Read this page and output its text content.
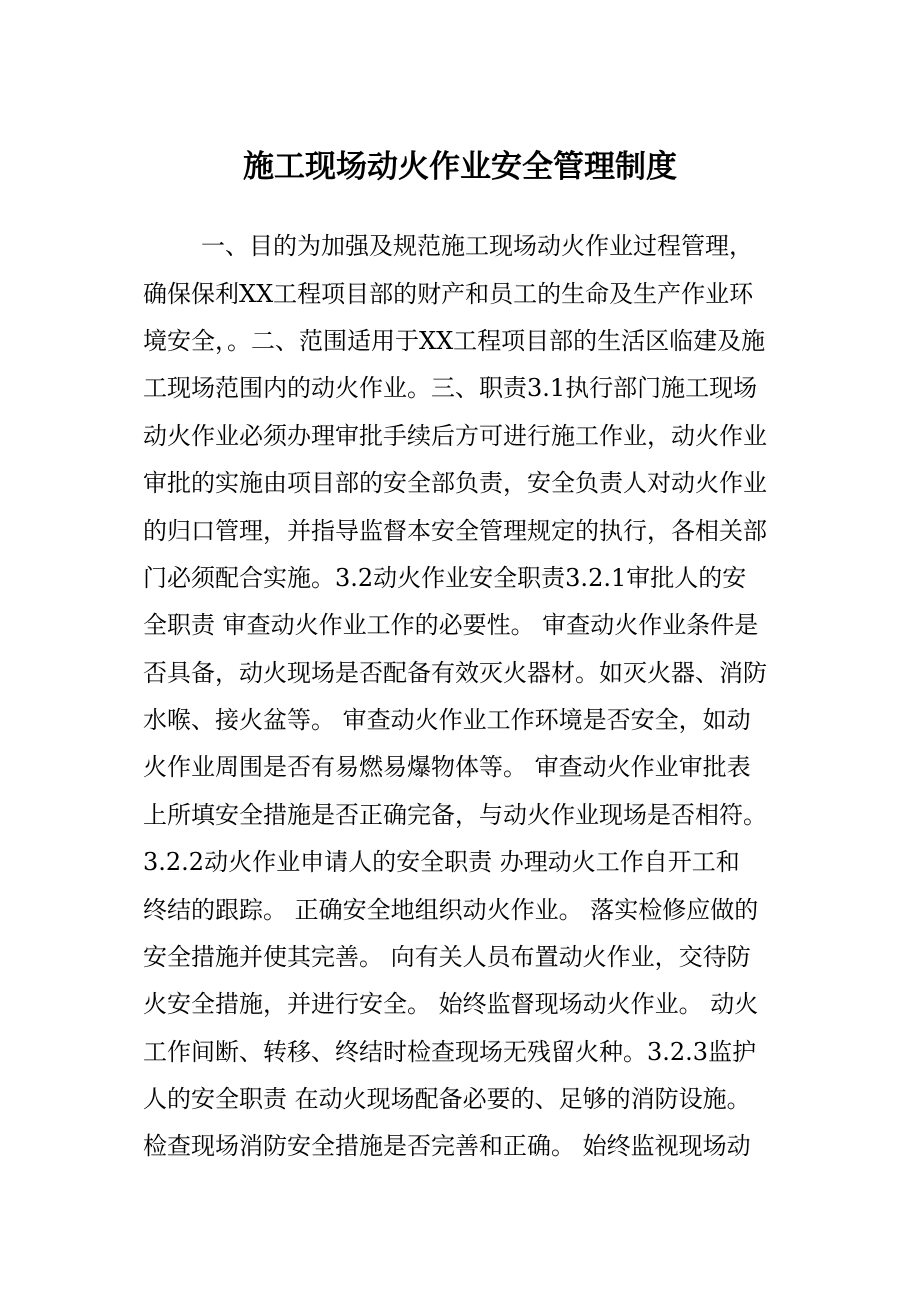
施工现场动火作业安全管理制度
一、目的为加强及规范施工现场动火作业过程管理，
确保保利XX工程项目部的财产和员工的生命及生产作业环
境安全，。二、范围适用于XX工程项目部的生活区临建及施
工现场范围内的动火作业。三、职责3.1执行部门施工现场
动火作业必须办理审批手续后方可进行施工作业，动火作业
审批的实施由项目部的安全部负责，安全负责人对动火作业
的归口管理，并指导监督本安全管理规定的执行，各相关部
门必须配合实施。3.2动火作业安全职责3.2.1审批人的安
全职责 审查动火作业工作的必要性。 审查动火作业条件是
否具备，动火现场是否配备有效灭火器材。如灭火器、消防
水喉、接火盆等。 审查动火作业工作环境是否安全，如动
火作业周围是否有易燃易爆物体等。 审查动火作业审批表
上所填安全措施是否正确完备，与动火作业现场是否相符。
3.2.2动火作业申请人的安全职责 办理动火工作自开工和
终结的跟踪。 正确安全地组织动火作业。 落实检修应做的
安全措施并使其完善。 向有关人员布置动火作业，交待防
火安全措施，并进行安全。 始终监督现场动火作业。 动火
工作间断、转移、终结时检查现场无残留火种。3.2.3监护
人的安全职责 在动火现场配备必要的、足够的消防设施。
检查现场消防安全措施是否完善和正确。 始终监视现场动
